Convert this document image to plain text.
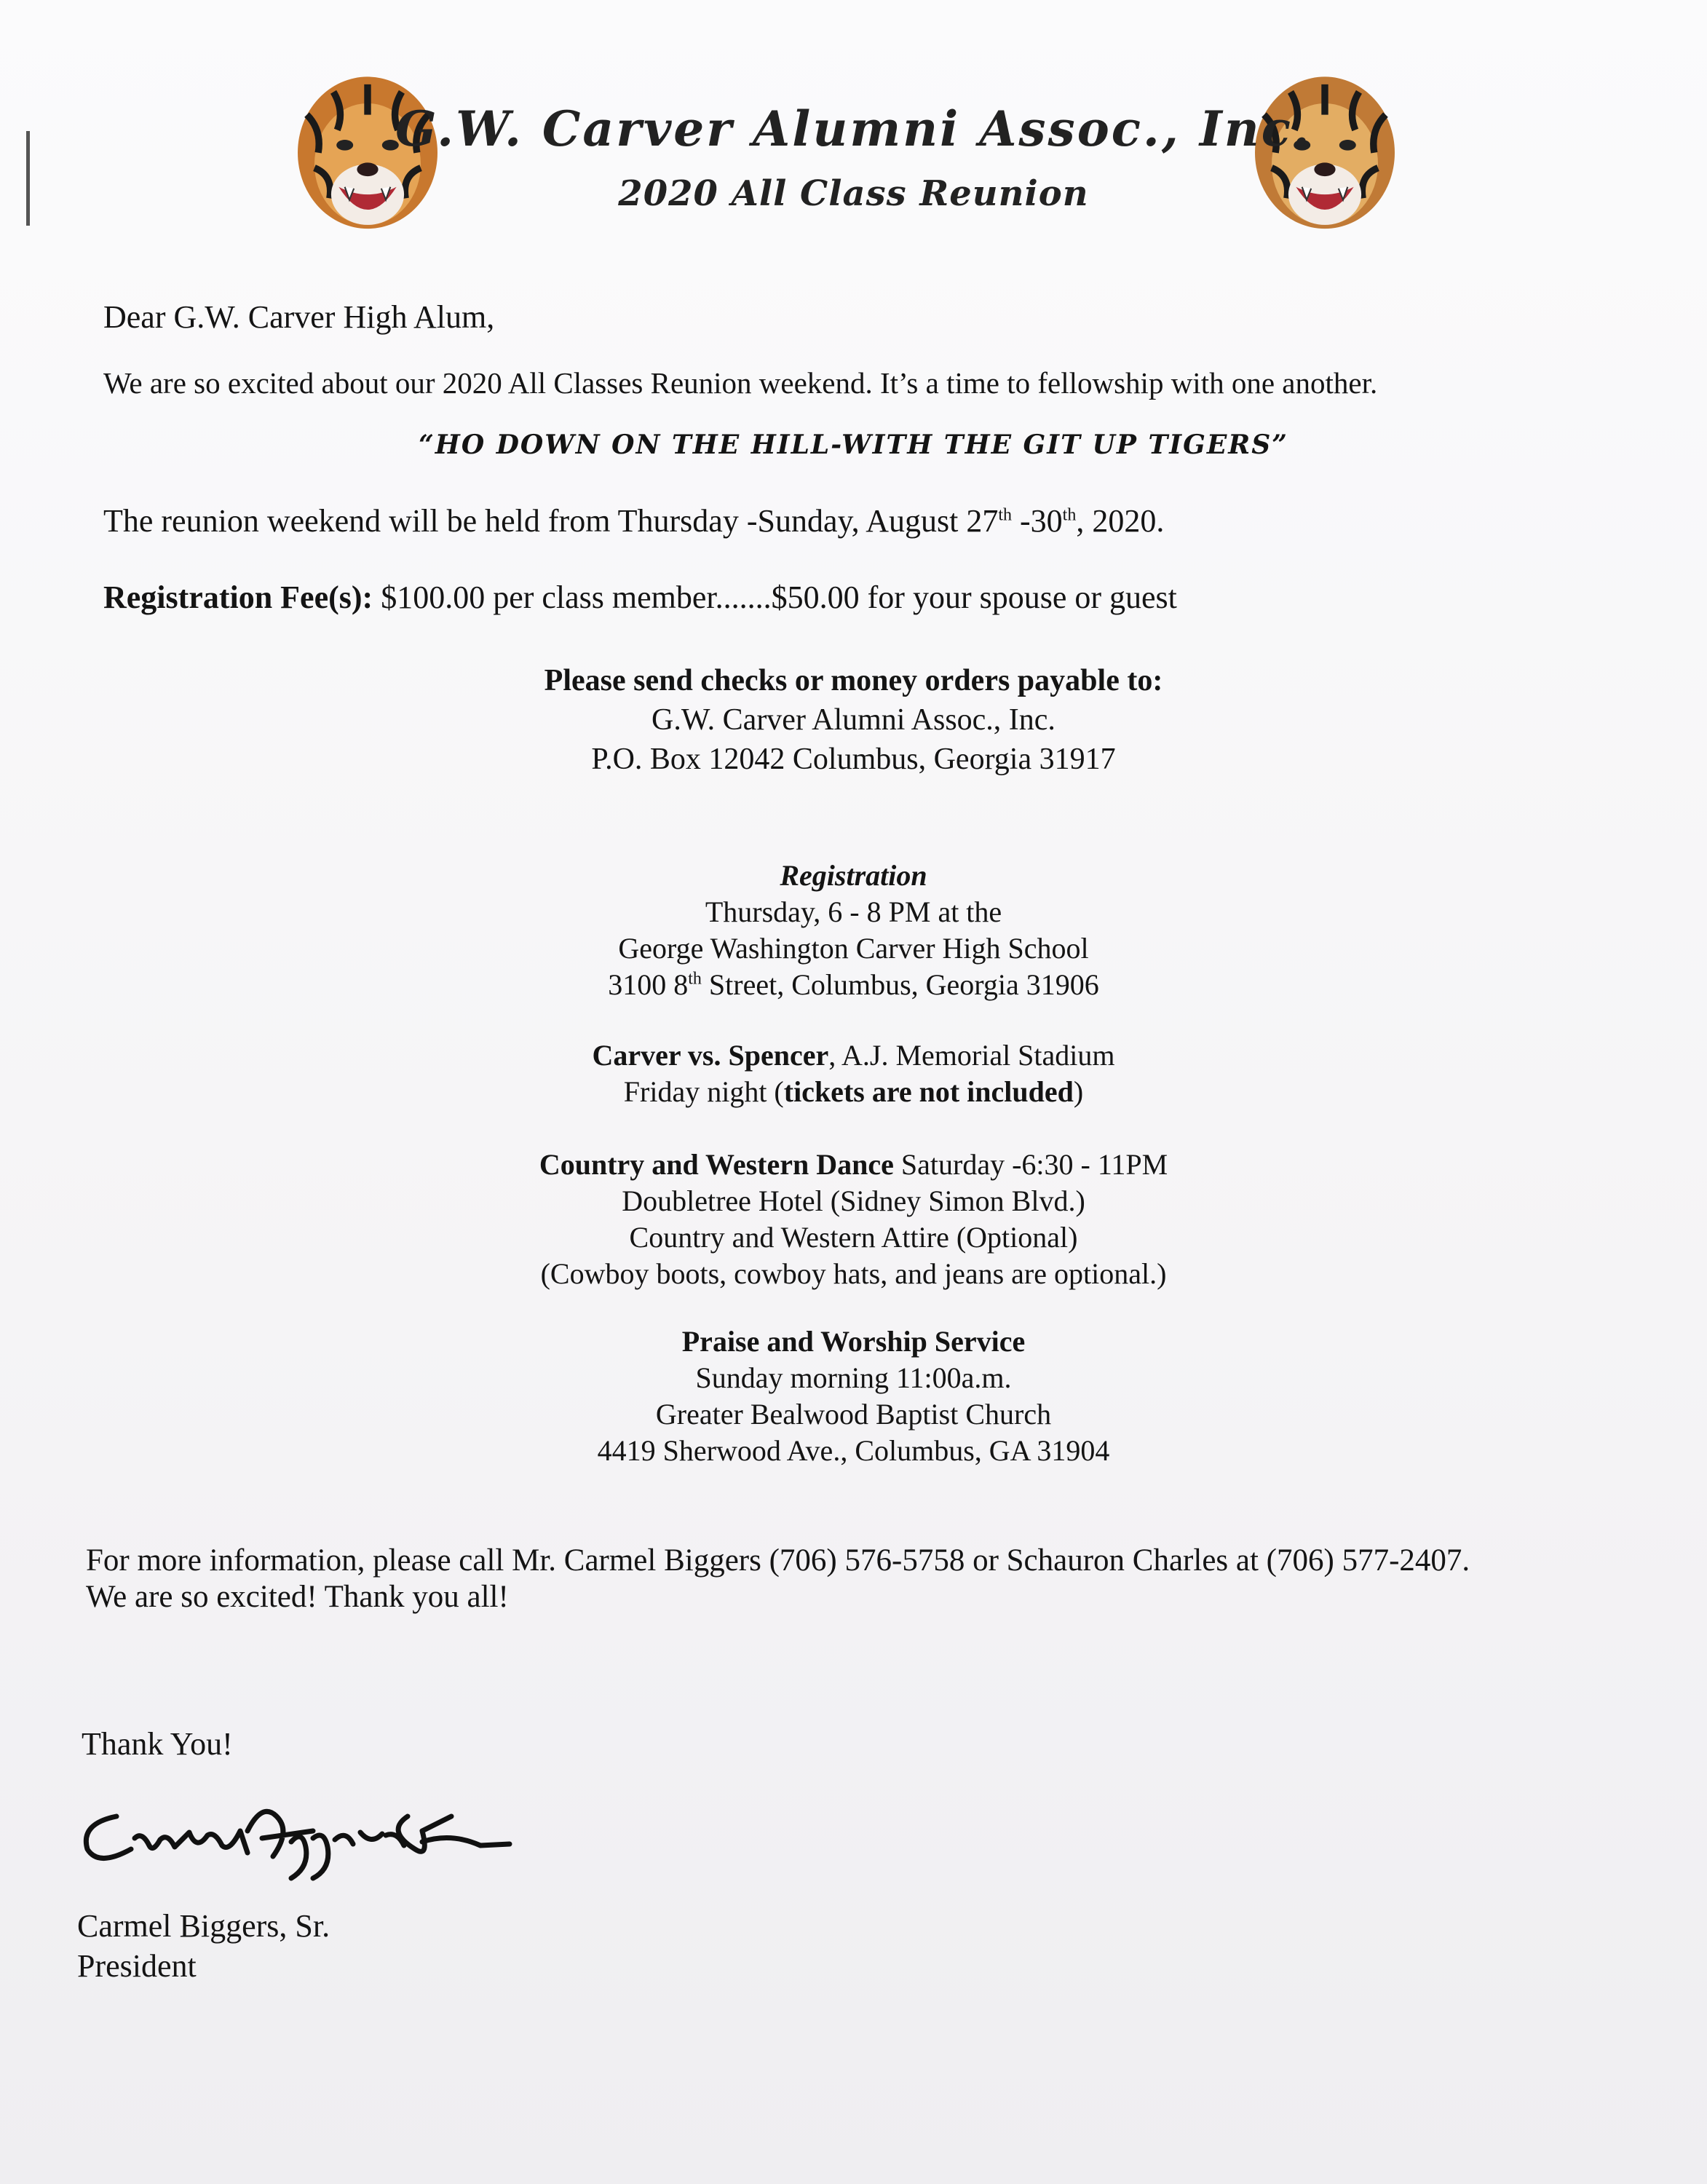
G.W. Carver Alumni Assoc., Inc.
2020 All Class Reunion
Dear G.W. Carver High Alum,
We are so excited about our 2020 All Classes Reunion weekend. It’s a time to fellowship with one another.
“HO DOWN ON THE HILL-WITH THE GIT UP TIGERS”
The reunion weekend will be held from Thursday -Sunday, August 27th -30th, 2020.
Registration Fee(s): $100.00 per class member.......$50.00 for your spouse or guest
Please send checks or money orders payable to:
G.W. Carver Alumni Assoc., Inc.
P.O. Box 12042 Columbus, Georgia 31917
Registration
Thursday, 6 - 8 PM at the
George Washington Carver High School
3100 8th Street, Columbus, Georgia 31906
Carver vs. Spencer, A.J. Memorial Stadium
Friday night (tickets are not included)
Country and Western Dance Saturday -6:30 - 11PM
Doubletree Hotel (Sidney Simon Blvd.)
Country and Western Attire (Optional)
(Cowboy boots, cowboy hats, and jeans are optional.)
Praise and Worship Service
Sunday morning 11:00a.m.
Greater Bealwood Baptist Church
4419 Sherwood Ave., Columbus, GA 31904
For more information, please call Mr. Carmel Biggers (706) 576-5758 or Schauron Charles at (706) 577-2407.
We are so excited! Thank you all!
Thank You!
Carmel Biggers, Sr.
President
